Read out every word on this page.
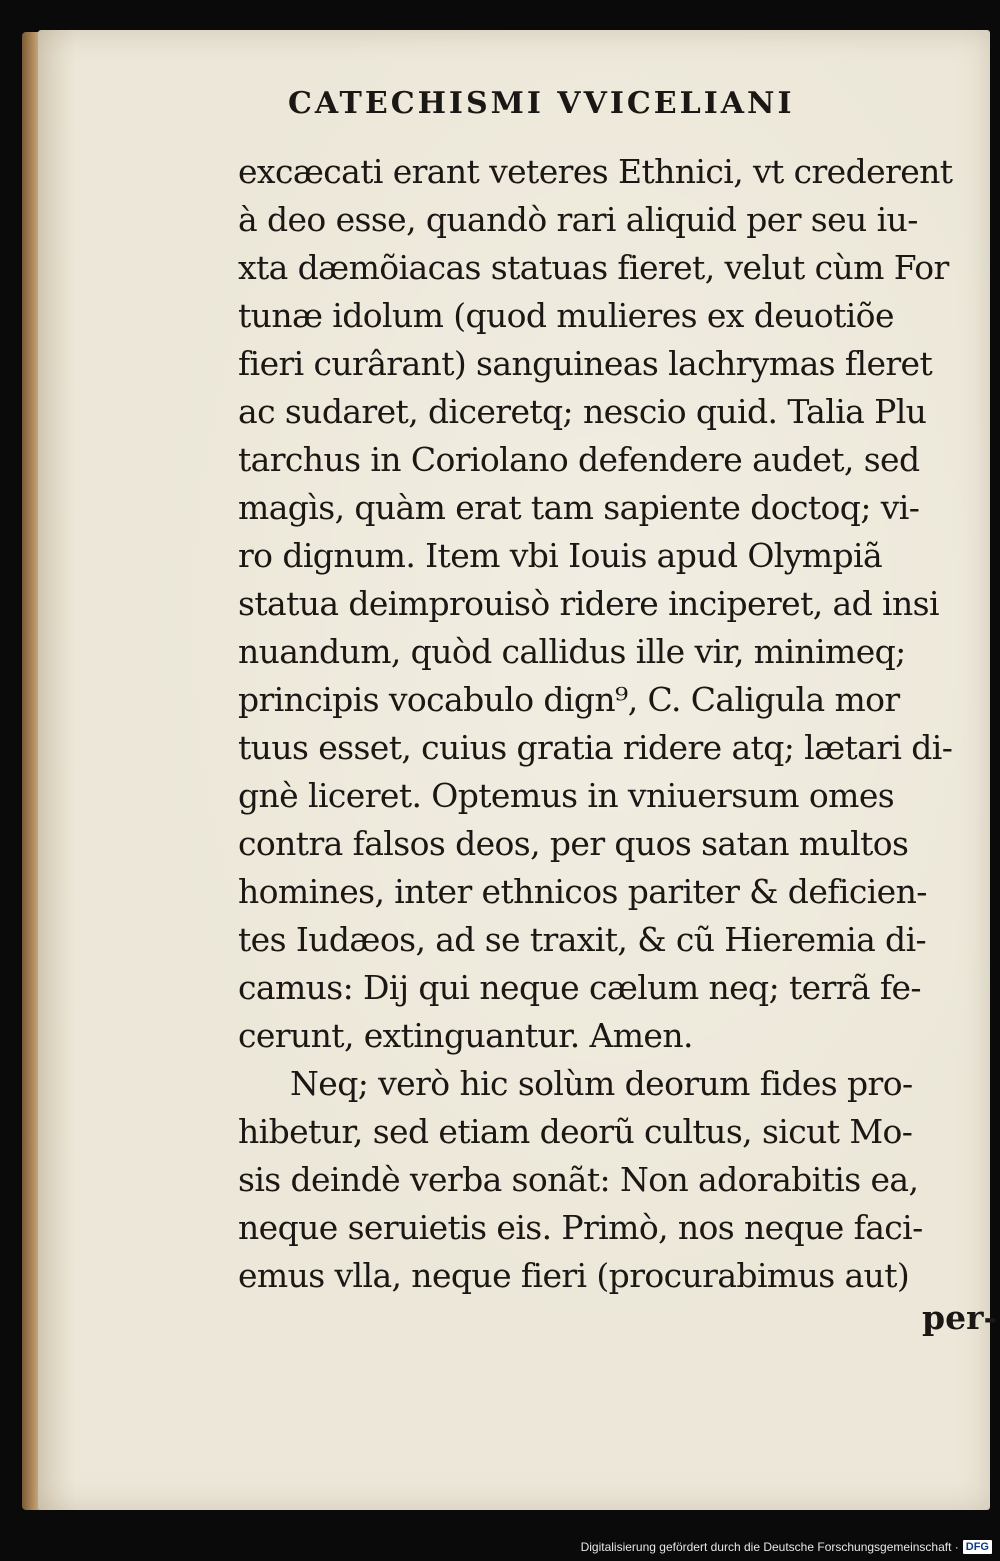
CATECHISMI VVICELIANI
excæcati erant veteres Ethnici, vt crederent
à deo esse, quandò rari aliquid per seu iu-
xta dæmõiacas statuas fieret, velut cùm For
tunæ idolum (quod mulieres ex deuotiõe
fieri curârant) sanguineas lachrymas fleret
ac sudaret, diceretq; nescio quid. Talia Plu
tarchus in Coriolano defendere audet, sed
magìs, quàm erat tam sapiente doctoq; vi-
ro dignum. Item vbi Iouis apud Olympiã
statua deimprouisò ridere inciperet, ad insi
nuandum, quòd callidus ille vir, minimeq;
principis vocabulo dign⁹, C. Caligula mor
tuus esset, cuius gratia ridere atq; lætari di-
gnè liceret. Optemus in vniuersum omes
contra falsos deos, per quos satan multos
homines, inter ethnicos pariter & deficien-
tes Iudæos, ad se traxit, & cũ Hieremia di-
camus: Dij qui neque cælum neq; terrã fe-
cerunt, extinguantur. Amen.
Neq; verò hic solùm deorum fides pro-
hibetur, sed etiam deorũ cultus, sicut Mo-
sis deindè verba sonãt: Non adorabitis ea,
neque seruietis eis. Primò, nos neque faci-
emus vlla, neque fieri (procurabimus aut)
per-
Digitalisierung gefördert durch die Deutsche Forschungsgemeinschaft · DFG
